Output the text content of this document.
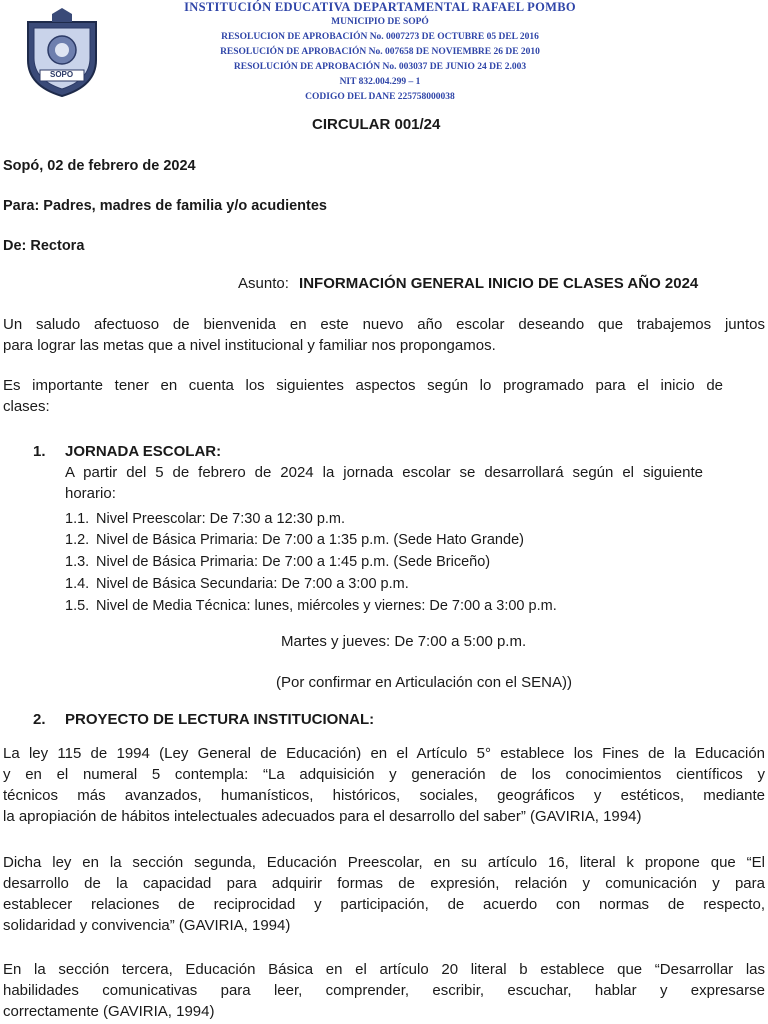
SOPO
INSTITUCIÓN EDUCATIVA DEPARTAMENTAL RAFAEL POMBO
MUNICIPIO DE SOPÓ
RESOLUCION DE APROBACIÓN No. 0007273 DE OCTUBRE 05 DEL 2016
RESOLUCIÓN DE APROBACIÓN No. 007658 DE NOVIEMBRE 26 DE 2010
RESOLUCIÓN DE APROBACIÓN No. 003037 DE JUNIO 24 DE 2.003
NIT 832.004.299 – 1
CODIGO DEL DANE 225758000038
CIRCULAR 001/24
Sopó, 02 de febrero de 2024
Para: Padres, madres de familia y/o acudientes
De: Rectora
Asunto: INFORMACIÓN GENERAL INICIO DE CLASES AÑO 2024
Un saludo afectuoso de bienvenida en este nuevo año escolar deseando que trabajemos juntos
para lograr las metas que a nivel institucional y familiar nos propongamos.
Es importante tener en cuenta los siguientes aspectos según lo programado para el inicio de
clases:
1. JORNADA ESCOLAR:
A partir del 5 de febrero de 2024 la jornada escolar se desarrollará según el siguiente
horario:
1.1. Nivel Preescolar: De 7:30 a 12:30 p.m.
1.2. Nivel de Básica Primaria: De 7:00 a 1:35 p.m. (Sede Hato Grande)
1.3. Nivel de Básica Primaria: De 7:00 a 1:45 p.m. (Sede Briceño)
1.4. Nivel de Básica Secundaria: De 7:00 a 3:00 p.m.
1.5. Nivel de Media Técnica: lunes, miércoles y viernes: De 7:00 a 3:00 p.m.
Martes y jueves: De 7:00 a 5:00 p.m.
(Por confirmar en Articulación con el SENA))
2. PROYECTO DE LECTURA INSTITUCIONAL:
La ley 115 de 1994 (Ley General de Educación) en el Artículo 5° establece los Fines de la Educación
y en el numeral 5 contempla: “La adquisición y generación de los conocimientos científicos y
técnicos más avanzados, humanísticos, históricos, sociales, geográficos y estéticos, mediante
la apropiación de hábitos intelectuales adecuados para el desarrollo del saber” (GAVIRIA, 1994)
Dicha ley en la sección segunda, Educación Preescolar, en su artículo 16, literal k propone que “El
desarrollo de la capacidad para adquirir formas de expresión, relación y comunicación y para
establecer relaciones de reciprocidad y participación, de acuerdo con normas de respecto,
solidaridad y convivencia” (GAVIRIA, 1994)
En la sección tercera, Educación Básica en el artículo 20 literal b establece que “Desarrollar las
habilidades comunicativas para leer, comprender, escribir, escuchar, hablar y expresarse
correctamente (GAVIRIA, 1994)
